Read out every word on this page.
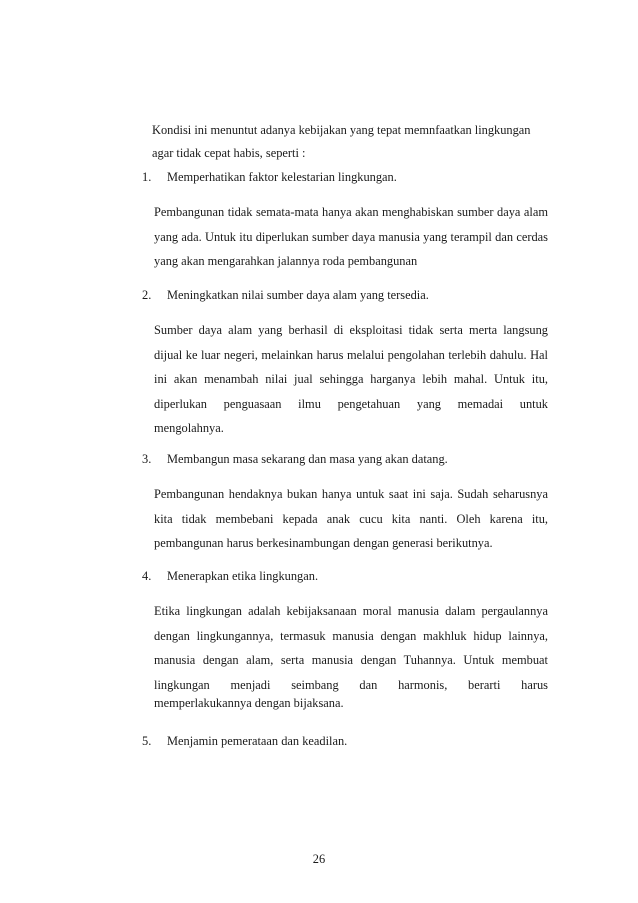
Kondisi ini menuntut adanya kebijakan yang tepat memnfaatkan lingkungan
agar tidak cepat habis, seperti :

1. Memperhatikan faktor kelestarian lingkungan.

Pembangunan tidak semata-mata hanya akan menghabiskan sumber daya alam yang ada. Untuk itu diperlukan sumber daya manusia yang terampil dan cerdas yang akan mengarahkan jalannya roda pembangunan

2. Meningkatkan nilai sumber daya alam yang tersedia.

Sumber daya alam yang berhasil di eksploitasi tidak serta merta langsung dijual ke luar negeri, melainkan harus melalui pengolahan terlebih dahulu. Hal ini akan menambah nilai jual sehingga harganya lebih mahal. Untuk itu, diperlukan penguasaan ilmu pengetahuan yang memadai untuk

mengolahnya.

3. Membangun masa sekarang dan masa yang akan datang.

Pembangunan hendaknya bukan hanya untuk saat ini saja. Sudah seharusnya kita tidak membebani kepada anak cucu kita nanti. Oleh karena itu, pembangunan harus berkesinambungan dengan generasi berikutnya.

4. Menerapkan etika lingkungan.

Etika lingkungan adalah kebijaksanaan moral manusia dalam pergaulannya dengan lingkungannya, termasuk manusia dengan makhluk hidup lainnya, manusia dengan alam, serta manusia dengan Tuhannya. Untuk membuat lingkungan menjadi seimbang dan harmonis, berarti harus

memperlakukannya dengan bijaksana.

5. Menjamin pemerataan dan keadilan.

26
